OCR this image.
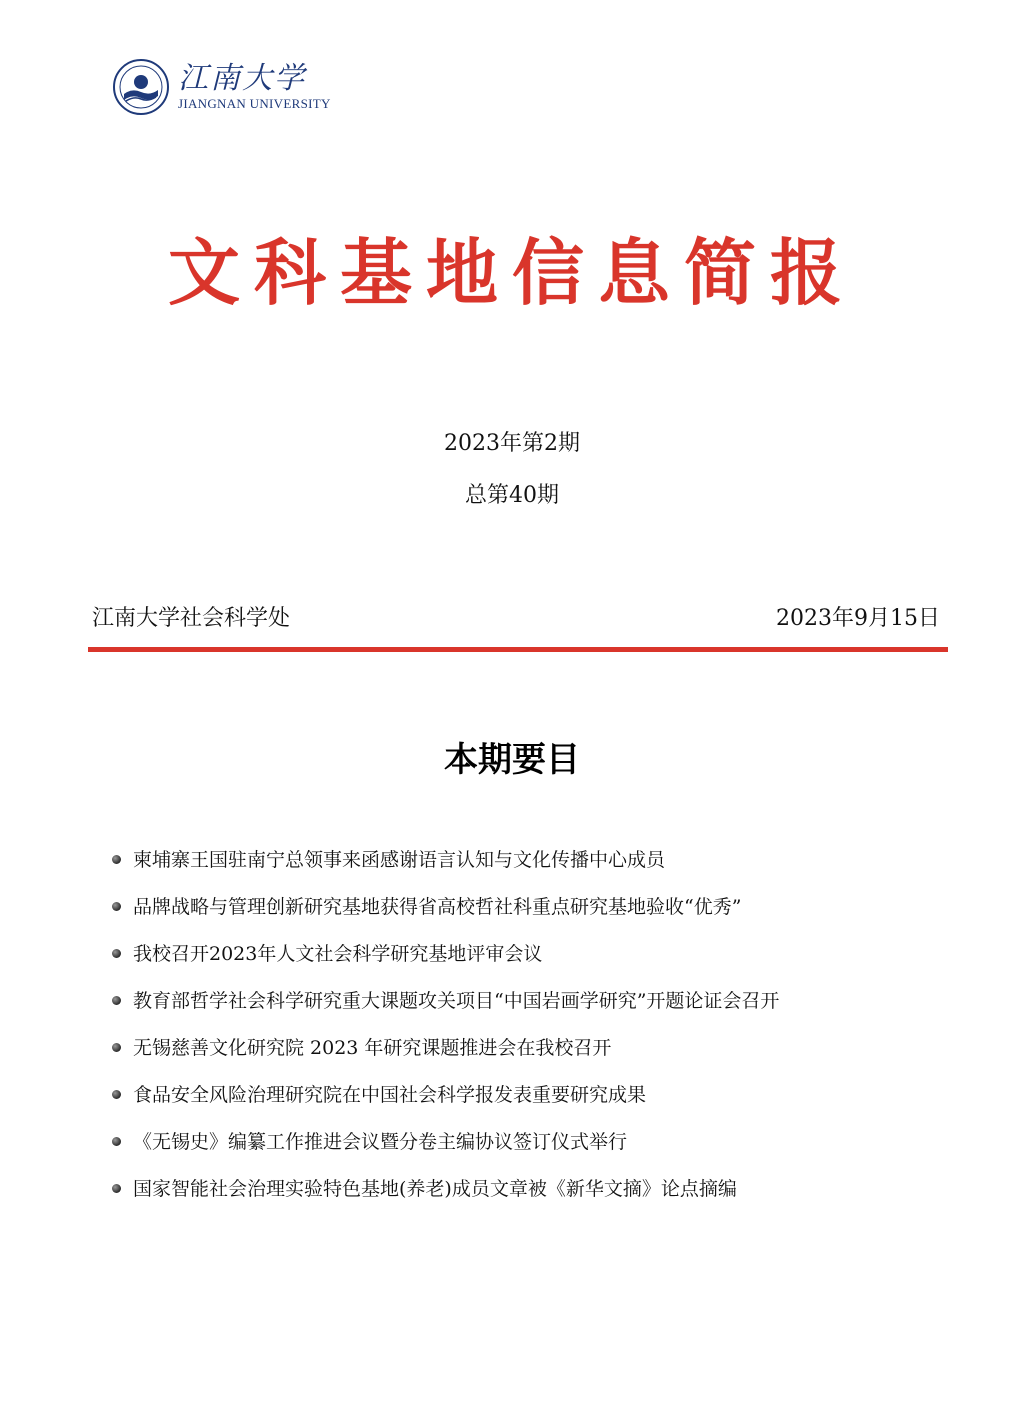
江南大学
JIANGNAN UNIVERSITY
文科基地信息简报
2023年第2期
总第40期
江南大学社会科学处	2023年9月15日
本期要目
柬埔寨王国驻南宁总领事来函感谢语言认知与文化传播中心成员
品牌战略与管理创新研究基地获得省高校哲社科重点研究基地验收“优秀”
我校召开2023年人文社会科学研究基地评审会议
教育部哲学社会科学研究重大课题攻关项目“中国岩画学研究”开题论证会召开
无锡慈善文化研究院 2023 年研究课题推进会在我校召开
食品安全风险治理研究院在中国社会科学报发表重要研究成果
《无锡史》编纂工作推进会议暨分卷主编协议签订仪式举行
国家智能社会治理实验特色基地(养老)成员文章被《新华文摘》论点摘编
